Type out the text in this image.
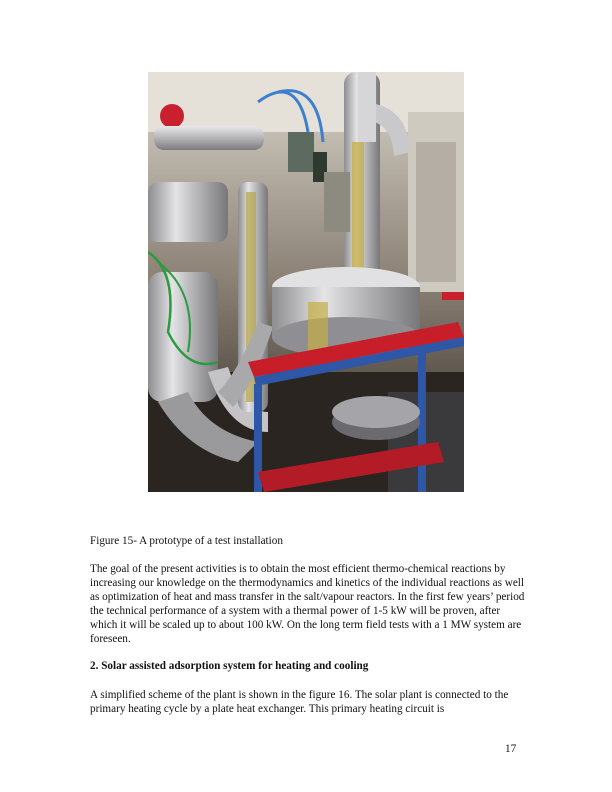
Figure 15- A prototype of a test installation

The goal of the present activities is to obtain the most efficient thermo-chemical reactions by increasing our knowledge on the thermodynamics and kinetics of the individual reactions as well as optimization of heat and mass transfer in the salt/vapour reactors. In the first few years’ period the technical performance of a system with a thermal power of 1-5 kW will be proven, after which it will be scaled up to about 100 kW. On the long term field tests with a 1 MW system are foreseen.

2. Solar assisted adsorption system for heating and cooling

A simplified scheme of the plant is shown in the figure 16. The solar plant is connected to the primary heating cycle by a plate heat exchanger. This primary heating circuit is

17
